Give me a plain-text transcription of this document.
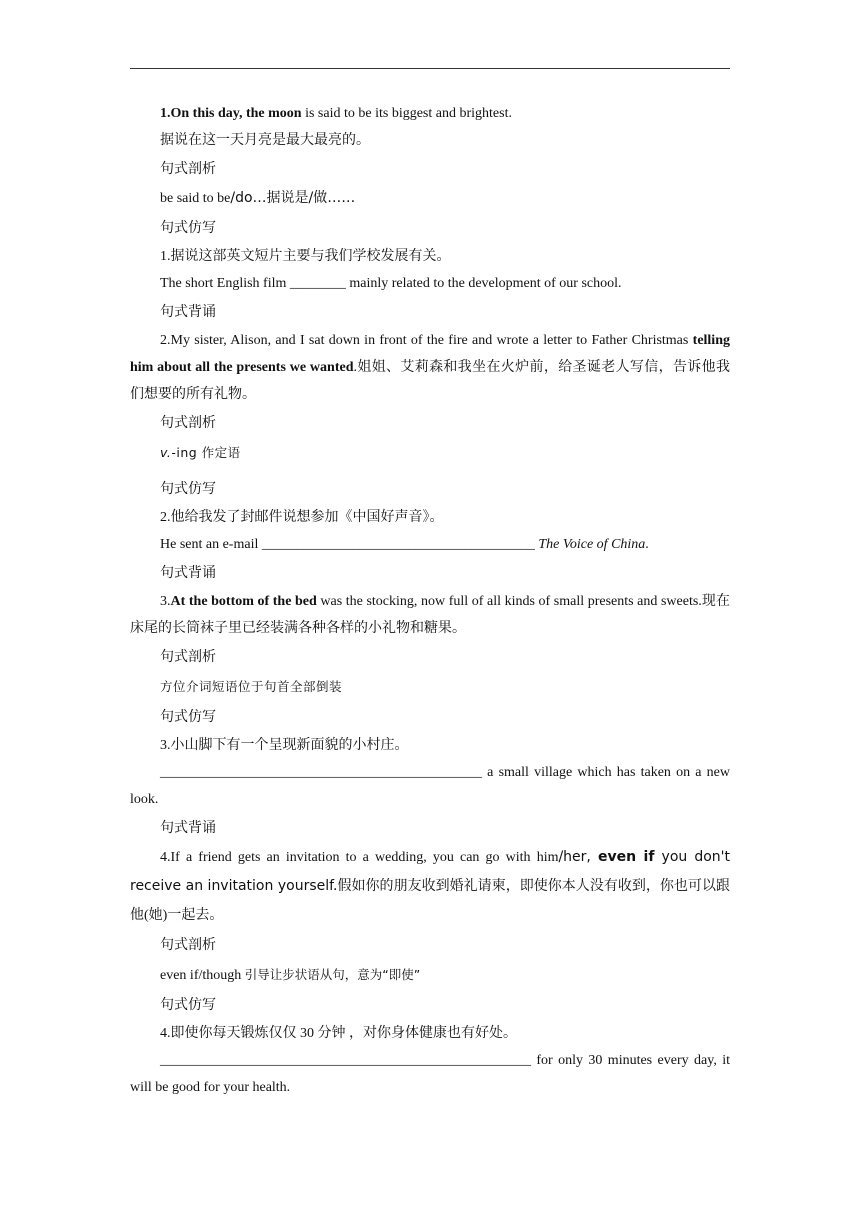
1.On this day, the moon is said to be its biggest and brightest.

据说在这一天月亮是最大最亮的。

句式剖析

be said to be/do…据说是/做……

句式仿写

1.据说这部英文短片主要与我们学校发展有关。

The short English film ________ mainly related to the development of our school.

句式背诵

2.My sister, Alison, and I sat down in front of the fire and wrote a letter to Father Christmas telling him about all the presents we wanted.姐姐、艾莉森和我坐在火炉前，给圣诞老人写信，告诉他我们想要的所有礼物。

句式剖析

v.-ing 作定语

句式仿写

2.他给我发了封邮件说想参加《中国好声音》。

He sent an e-mail _______________________________________ The Voice of China.

句式背诵

3.At the bottom of the bed was the stocking, now full of all kinds of small presents and sweets.现在床尾的长筒袜子里已经装满各种各样的小礼物和糖果。

句式剖析

方位介词短语位于句首全部倒装

句式仿写

3.小山脚下有一个呈现新面貌的小村庄。

______________________________________________ a small village which has taken on a new look.

句式背诵

4.If a friend gets an invitation to a wedding, you can go with him/her, even if you don't receive an invitation yourself.假如你的朋友收到婚礼请柬，即使你本人没有收到，你也可以跟他(她)一起去。

句式剖析

even if/though 引导让步状语从句，意为“即使”

句式仿写

4.即使你每天锻炼仅仅 30 分钟 ，对你身体健康也有好处。

_____________________________________________________ for only 30 minutes every day, it will be good for your health.
